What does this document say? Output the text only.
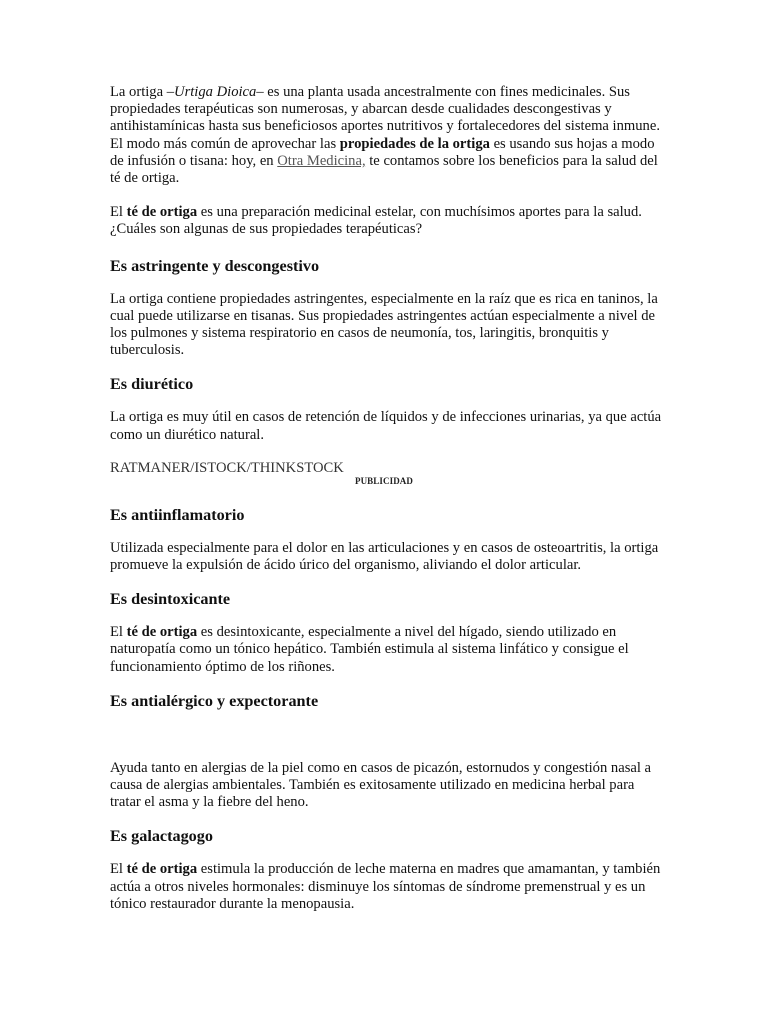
La ortiga –Urtiga Dioica– es una planta usada ancestralmente con fines medicinales. Sus propiedades terapéuticas son numerosas, y abarcan desde cualidades descongestivas y antihistamínicas hasta sus beneficiosos aportes nutritivos y fortalecedores del sistema inmune. El modo más común de aprovechar las propiedades de la ortiga es usando sus hojas a modo de infusión o tisana: hoy, en Otra Medicina, te contamos sobre los beneficios para la salud del té de ortiga.

El té de ortiga es una preparación medicinal estelar, con muchísimos aportes para la salud. ¿Cuáles son algunas de sus propiedades terapéuticas?

Es astringente y descongestivo

La ortiga contiene propiedades astringentes, especialmente en la raíz que es rica en taninos, la cual puede utilizarse en tisanas. Sus propiedades astringentes actúan especialmente a nivel de los pulmones y sistema respiratorio en casos de neumonía, tos, laringitis, bronquitis y tuberculosis.

Es diurético

La ortiga es muy útil en casos de retención de líquidos y de infecciones urinarias, ya que actúa como un diurético natural.

RATMANER/ISTOCK/THINKSTOCK

PUBLICIDAD
Es antiinflamatorio

Utilizada especialmente para el dolor en las articulaciones y en casos de osteoartritis, la ortiga promueve la expulsión de ácido úrico del organismo, aliviando el dolor articular.

Es desintoxicante

El té de ortiga es desintoxicante, especialmente a nivel del hígado, siendo utilizado en naturopatía como un tónico hepático. También estimula al sistema linfático y consigue el funcionamiento óptimo de los riñones.

Es antialérgico y expectorante

Ayuda tanto en alergias de la piel como en casos de picazón, estornudos y congestión nasal a causa de alergias ambientales. También es exitosamente utilizado en medicina herbal para tratar el asma y la fiebre del heno.

Es galactagogo

El té de ortiga estimula la producción de leche materna en madres que amamantan, y también actúa a otros niveles hormonales: disminuye los síntomas de síndrome premenstrual y es un tónico restaurador durante la menopausia.
